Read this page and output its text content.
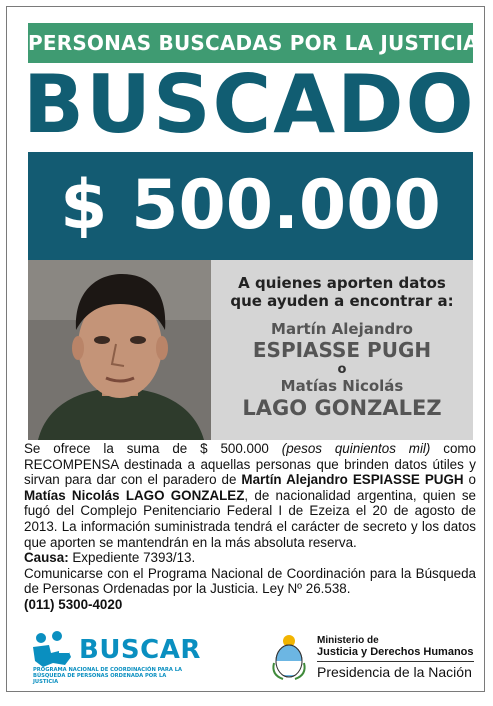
PERSONAS BUSCADAS POR LA JUSTICIA
BUSCADO
$ 500.000
A quienes aporten datos
que ayuden a encontrar a:
Martín Alejandro
ESPIASSE PUGH
o
Matías Nicolás
LAGO GONZALEZ

Se ofrece la suma de $ 500.000 (pesos quinientos mil) como RECOMPENSA destinada a aquellas personas que brinden datos útiles y sirvan para dar con el paradero de Martín Alejandro ESPIASSE PUGH o Matías Nicolás LAGO GONZALEZ, de nacionalidad argentina, quien se fugó del Complejo Penitenciario Federal I de Ezeiza el 20 de agosto de 2013. La información suministrada tendrá el carácter de secreto y los datos que aporten se mantendrán en la más absoluta reserva.

Causa: Expediente 7393/13.

Comunicarse con el Programa Nacional de Coordinación para la Búsqueda de Personas Ordenadas por la Justicia. Ley Nº 26.538.

(011) 5300-4020

BUSCAR
PROGRAMA NACIONAL DE COORDINACIÓN PARA LA BÚSQUEDA DE PERSONAS ORDENADA POR LA JUSTICIA
Ministerio de
Justicia y Derechos Humanos
Presidencia de la Nación
